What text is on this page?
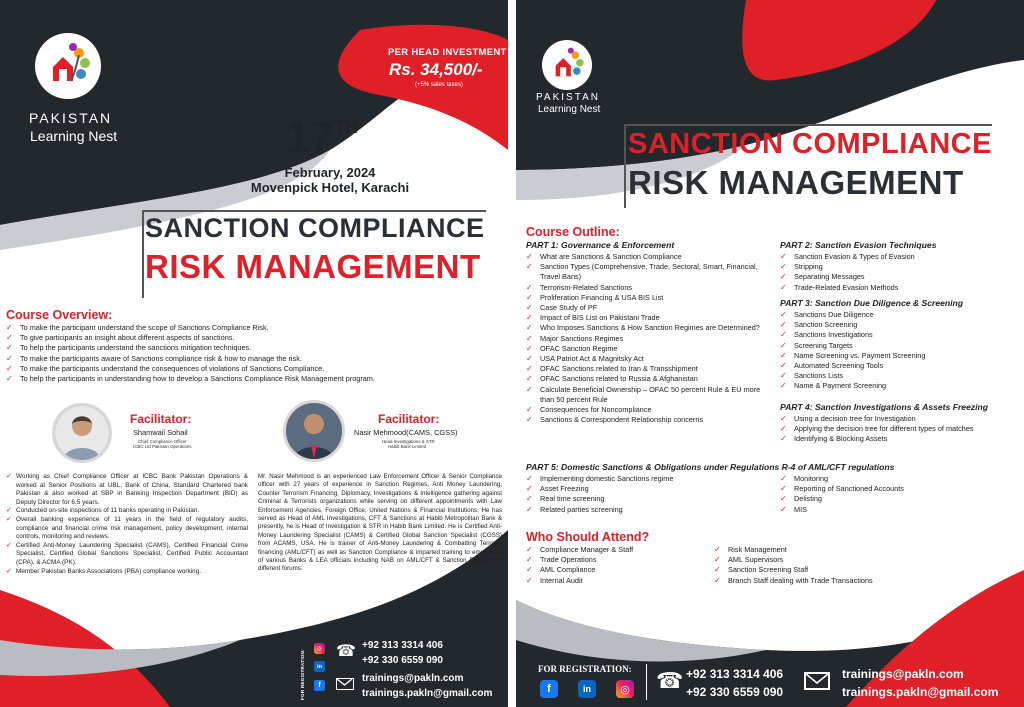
PAKISTAN
Learning Nest
PER HEAD INVESTMENT
Rs. 34,500/-
(+5% sales taxes)
17TH
February, 2024
Movenpick Hotel, Karachi
SANCTION COMPLIANCE
RISK MANAGEMENT
Course Overview:
✓ To make the participant understand the scope of Sanctions Compliance Risk.
✓ To give participants an insight about different aspects of sanctions.
✓ To help the participants understand the sanctions mitigation techniques.
✓ To make the participants aware of Sanctions compliance risk & how to manage the risk.
✓ To make the participants understand the consequences of violations of Sanctions Compliance.
✓ To help the participants in understanding how to develop a Sanctions Compliance Risk Management program.
Facilitator:
Shamwail Sohail
Chief Compliance Officer
ICBC Ltd Pakistan Operations
✓ Working as Chief Compliance Officer at ICBC Bank Pakistan Operations & worked at Senior Positions at UBL, Bank of China, Standard Chartered bank Pakistan & also worked at SBP in Banking Inspection Department (BID) as Deputy Director for 6.5 years.
✓ Conducted on-site inspections of 11 banks operating in Pakistan.
✓ Overall banking experience of 11 years in the field of regulatory audits, compliance and financial crime risk management, policy development, internal controls, monitoring and reviews.
✓ Certified Anti-Money Laundering Specialist (CAMS), Certified Financial Crime Specialist, Certified Global Sanctions Specialist, Certified Public Accountant (CPA), & ACMA (PK).
✓ Member Pakistan Banks Associations (PBA) compliance working.
Facilitator:
Nasir Mehmood(CAMS, CGSS)
Head Investigations & STR
Habib Bank Limited
Mr. Nasir Mehmood is an experienced Law Enforcement Officer & Senior Compliance officer with 27 years of experience in Sanction Regimes, Anti Money Laundering, Counter Terrorism Financing, Diplomacy, Investigations & Intelligence gathering against Criminal & Terrorists organizations while serving on different appointments with Law Enforcement Agencies, Foreign Office, United Nations & Financial Institutions. He has served as Head of AML Investigations, CFT & Sanctions at Habib Metropolitan Bank & presently, he is Head of Investigation & STR in Habib Bank Limited. He is Certified Anti-Money Laundering Specialist (CAMS) & Certified Global Sanction Specialist (CGSS) from ACAMS, USA. He is trainer of Anti-Money Laundering & Combatting Terrorist financing (AML/CFT) as well as Sanction Compliance & imparted training to employees of various Banks & LEA officials including NAB on AML/CFT & Sanction Regimes at different forums.
FOR REGISTRATION:	◎
in
f
☎ +92 313 3314 406
+92 330 6559 090
trainings@pakln.com
trainings.pakln@gmail.com
PAKISTAN
Learning Nest
SANCTION COMPLIANCE
RISK MANAGEMENT
Course Outline:
PART 1: Governance & Enforcement
✓ What are Sanctions & Sanction Compliance
✓ Sanction Types (Comprehensive, Trade, Sectoral, Smart, Financial, Travel Bans)
✓ Terrorism-Related Sanctions
✓ Proliferation Financing & USA BIS List
✓ Case Study of PF
✓ Impact of BIS List on Pakistani Trade
✓ Who Imposes Sanctions & How Sanction Regimes are Determined?
✓ Major Sanctions Regimes
✓ OFAC Sanction Regime
✓ USA Patriot Act & Magnitsky Act
✓ OFAC Sanctions related to Iran & Transshipment
✓ OFAC Sanctions related to Russia & Afghanistan
✓ Calculate Beneficial Ownership – OFAC 50 percent Rule & EU more than 50 percent Rule
✓ Consequences for Noncompliance
✓ Sanctions & Correspondent Relationship concerns
PART 2: Sanction Evasion Techniques
✓ Sanction Evasion & Types of Evasion
✓ Stripping
✓ Separating Messages
✓ Trade-Related Evasion Methods
PART 3: Sanction Due Diligence & Screening
✓ Sanctions Due Diligence
✓ Sanction Screening
✓ Sanctions Investigations
✓ Screening Targets
✓ Name Screening vs. Payment Screening
✓ Automated Screening Tools
✓ Sanctions Lists
✓ Name & Payment Screening
PART 4: Sanction Investigations & Assets Freezing
✓ Using a decision tree for Investigation
✓ Applying the decision tree for different types of matches
✓ Identifying & Blocking Assets
PART 5: Domestic Sanctions & Obligations under Regulations R-4 of AML/CFT regulations
✓ Implementing domestic Sanctions regime
✓ Asset Freezing
✓ Real time screening
✓ Related parties screening
✓ Monitoring
✓ Reporting of Sanctioned Accounts
✓ Delisting
✓ MIS
Who Should Attend?
✓ Compliance Manager & Staff
✓ Trade Operations
✓ AML Compliance
✓ Internal Audit
✓ Risk Management
✓ AML Supervisors
✓ Sanction Screening Staff
✓ Branch Staff dealing with Trade Transactions
FOR REGISTRATION:
f	in	◎ ☎ +92 313 3314 406
+92 330 6559 090
trainings@pakln.com
trainings.pakln@gmail.com
